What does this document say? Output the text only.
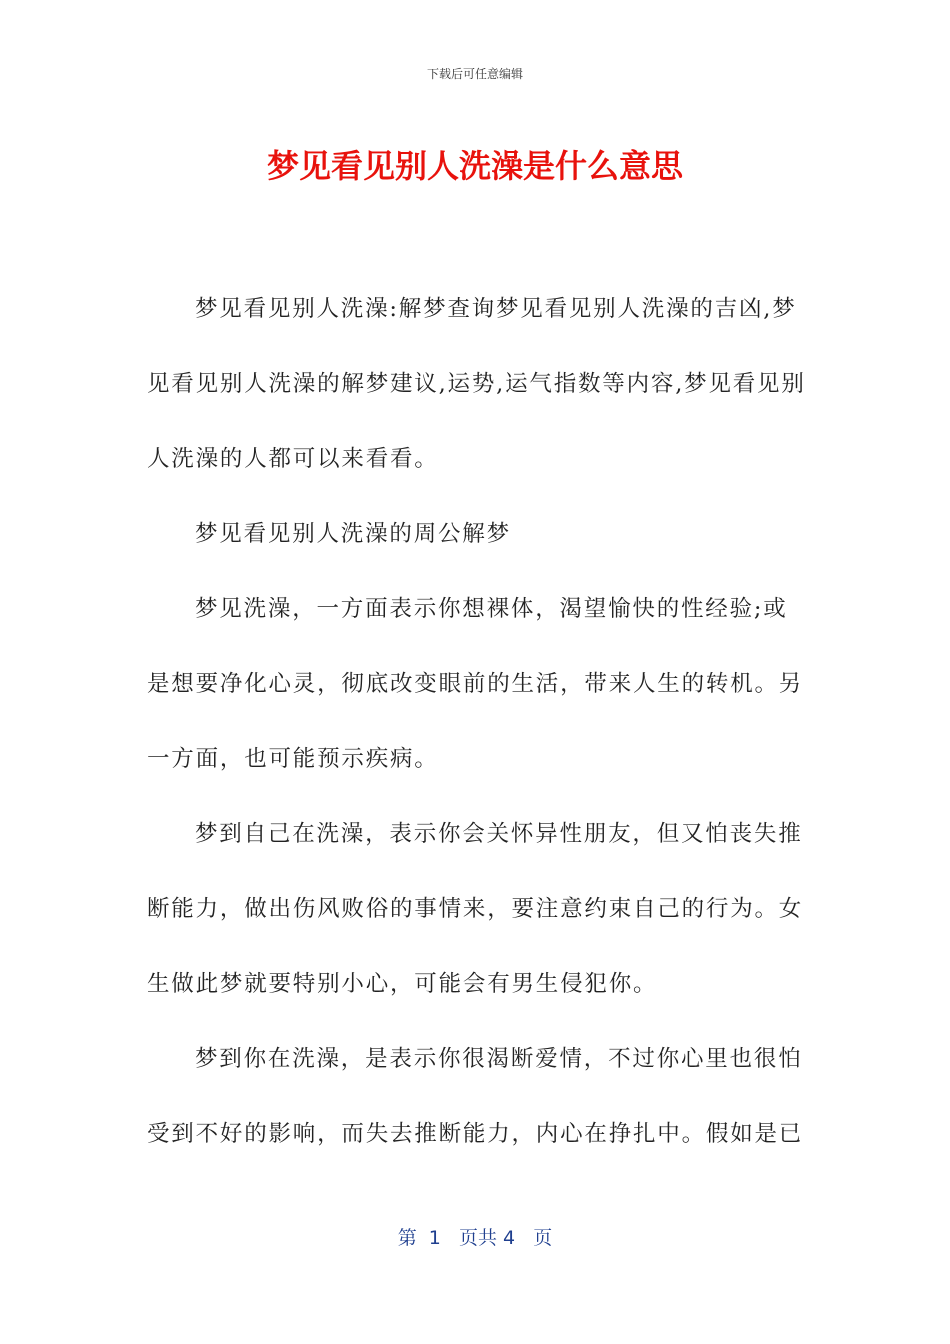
下载后可任意编辑
梦见看见别人洗澡是什么意思

梦见看见别人洗澡:解梦查询梦见看见别人洗澡的吉凶,梦见看见别人洗澡的解梦建议,运势,运气指数等内容,梦见看见别人洗澡的人都可以来看看。

梦见看见别人洗澡的周公解梦

梦见洗澡，一方面表示你想裸体，渴望愉快的性经验;或是想要净化心灵，彻底改变眼前的生活，带来人生的转机。另一方面，也可能预示疾病。

梦到自己在洗澡，表示你会关怀异性朋友，但又怕丧失推断能力，做出伤风败俗的事情来，要注意约束自己的行为。女生做此梦就要特别小心，可能会有男生侵犯你。

梦到你在洗澡，是表示你很渴断爱情，不过你心里也很怕受到不好的影响，而失去推断能力，内心在挣扎中。假如是已

第  1   页共 4   页
